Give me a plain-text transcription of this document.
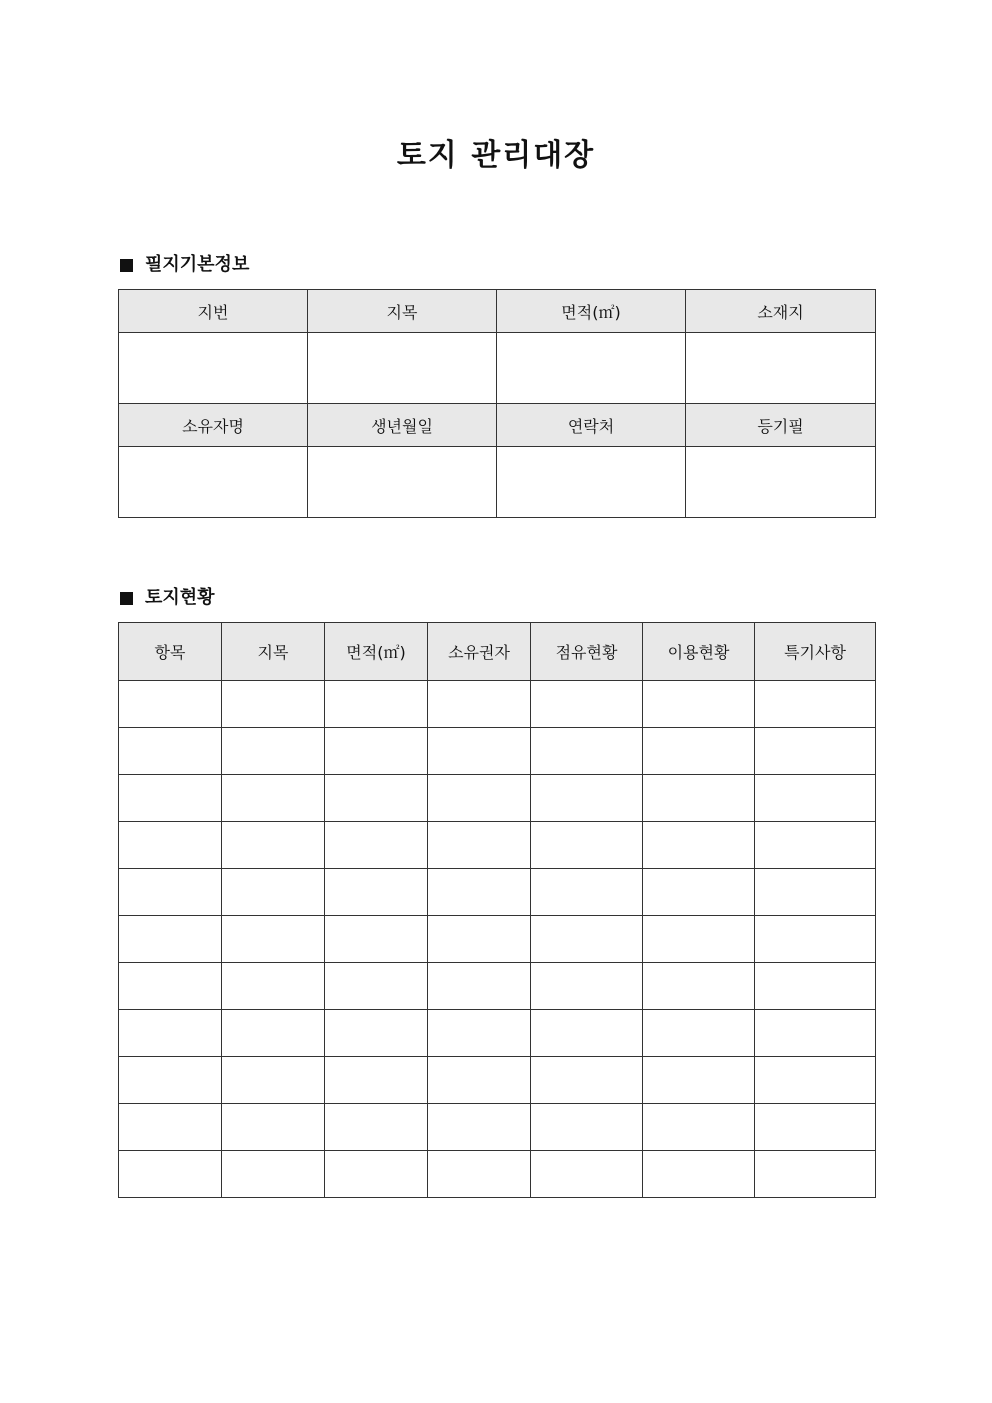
토지 관리대장
필지기본정보
지번	지목	면적(㎡)	소재지

소유자명	생년월일	연락처	등기필

토지현황
항목	지목	면적(㎡)	소유권자	점유현황	이용현황	특기사항
